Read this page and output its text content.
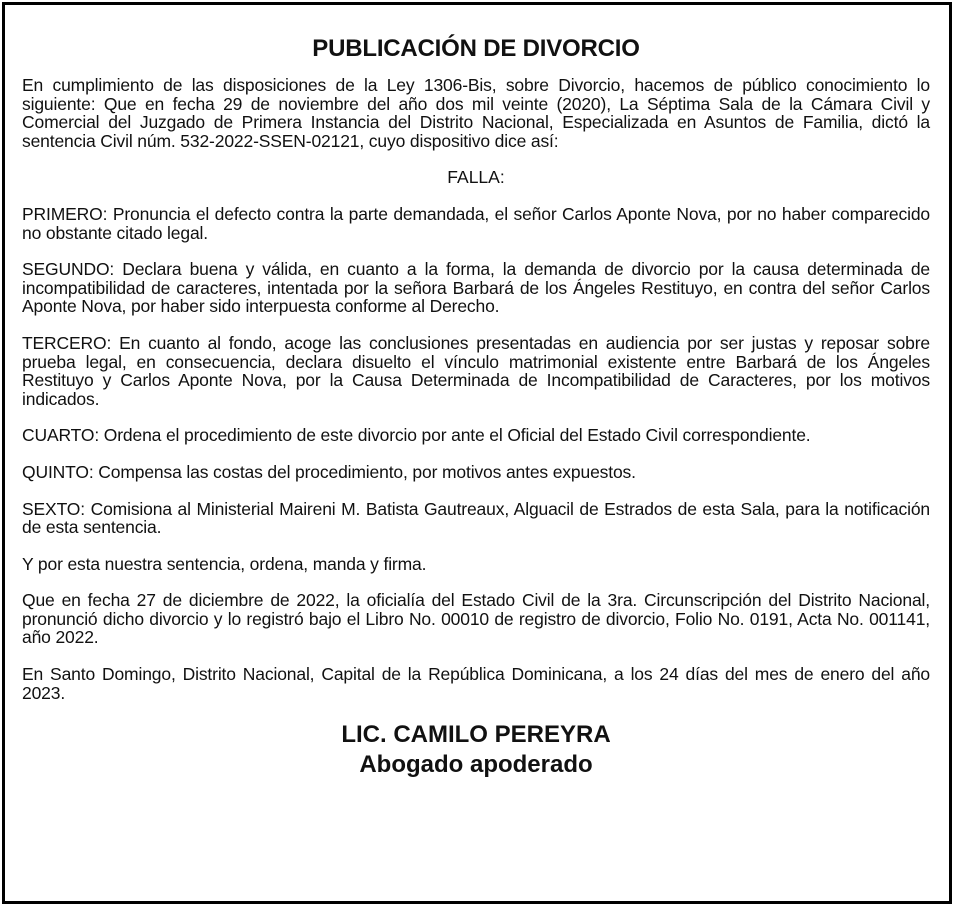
PUBLICACIÓN DE DIVORCIO

En cumplimiento de las disposiciones de la Ley 1306-Bis, sobre Divorcio, hacemos de público conocimiento lo siguiente: Que en fecha 29 de noviembre del año dos mil veinte (2020), La Séptima Sala de la Cámara Civil y Comercial del Juzgado de Primera Instancia del Distrito Nacional, Especializada en Asuntos de Familia, dictó la sentencia Civil núm. 532-2022-SSEN-02121, cuyo dispositivo dice así:

FALLA:

PRIMERO: Pronuncia el defecto contra la parte demandada, el señor Carlos Aponte Nova, por no haber comparecido no obstante citado legal.

SEGUNDO: Declara buena y válida, en cuanto a la forma, la demanda de divorcio por la causa determinada de incompatibilidad de caracteres, intentada por la señora Barbará de los Ángeles Restituyo, en contra del señor Carlos Aponte Nova, por haber sido interpuesta conforme al Derecho.

TERCERO: En cuanto al fondo, acoge las conclusiones presentadas en audiencia por ser justas y reposar sobre prueba legal, en consecuencia, declara disuelto el vínculo matrimonial existente entre Barbará de los Ángeles Restituyo y Carlos Aponte Nova, por la Causa Determinada de Incompatibilidad de Caracteres, por los motivos indicados.

CUARTO: Ordena el procedimiento de este divorcio por ante el Oficial del Estado Civil correspondiente.

QUINTO: Compensa las costas del procedimiento, por motivos antes expuestos.

SEXTO: Comisiona al Ministerial Maireni M. Batista Gautreaux, Alguacil de Estrados de esta Sala, para la notificación de esta sentencia.

Y por esta nuestra sentencia, ordena, manda y firma.

Que en fecha 27 de diciembre de 2022, la oficialía del Estado Civil de la 3ra. Circunscripción del Distrito Nacional, pronunció dicho divorcio y lo registró bajo el Libro No. 00010 de registro de divorcio, Folio No. 0191, Acta No. 001141, año 2022.

En Santo Domingo, Distrito Nacional, Capital de la República Dominicana, a los 24 días del mes de enero del año 2023.

LIC. CAMILO PEREYRA
Abogado apoderado
